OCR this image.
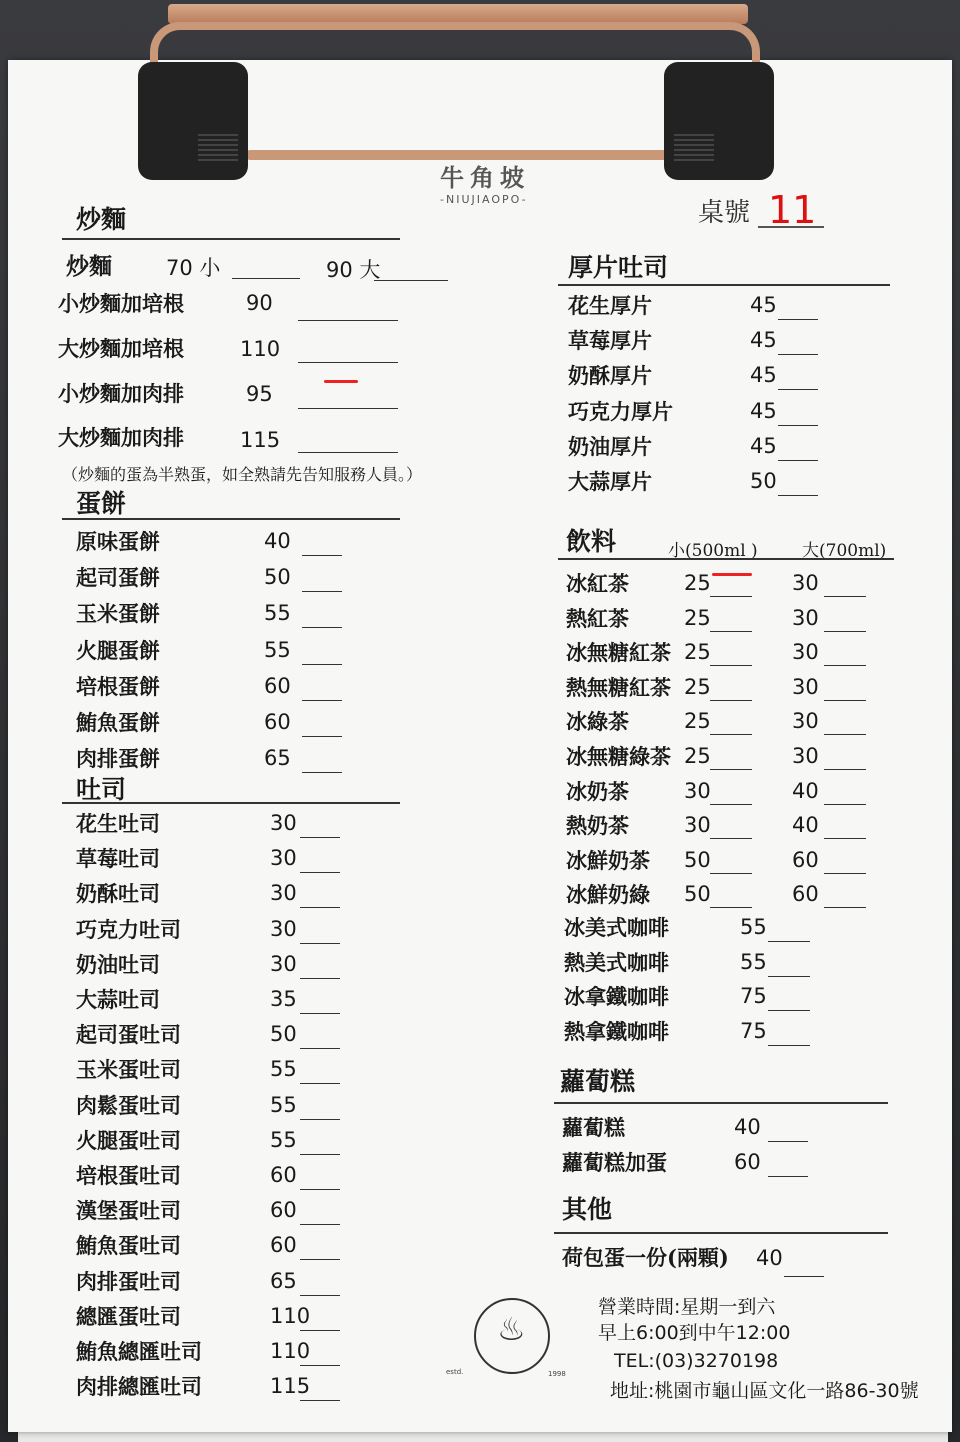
牛角坡
-NIUJIAOPO-	桌號 11
炒麵
炒麵	70 小	90 大
小炒麵加培根	90
大炒麵加培根	110
小炒麵加肉排	95
大炒麵加肉排	115
（炒麵的蛋為半熟蛋，如全熟請先告知服務人員。）
蛋餅
吐司
厚片吐司
飲料	小(500ml )	大(700ml)
蘿蔔糕
其他
荷包蛋一份(兩顆) 40
♨
estd.	1998
營業時間:星期一到六
早上6:00到中午12:00
TEL:(03)3270198
地址:桃園市龜山區文化一路86-30號
原味蛋餅	40
起司蛋餅	50
玉米蛋餅	55
火腿蛋餅	55
培根蛋餅	60
鮪魚蛋餅	60
肉排蛋餅	65
花生吐司	30
草莓吐司	30
奶酥吐司	30
巧克力吐司	30
奶油吐司	30
大蒜吐司	35
起司蛋吐司	50
玉米蛋吐司	55
肉鬆蛋吐司	55
火腿蛋吐司	55
培根蛋吐司	60
漢堡蛋吐司	60
鮪魚蛋吐司	60
肉排蛋吐司	65
總匯蛋吐司	110
鮪魚總匯吐司	110
肉排總匯吐司	115
花生厚片	45
草莓厚片	45
奶酥厚片	45
巧克力厚片	45
奶油厚片	45
大蒜厚片	50
蘿蔔糕	40
蘿蔔糕加蛋	60
冰紅茶	25	30
熱紅茶	25	30
冰無糖紅茶 25	30
熱無糖紅茶 25	30
冰綠茶	25	30
冰無糖綠茶 25	30
冰奶茶	30	40
熱奶茶	30	40
冰鮮奶茶 50	60
冰鮮奶綠 50	60
冰美式咖啡	55
熱美式咖啡	55
冰拿鐵咖啡	75
熱拿鐵咖啡	75
